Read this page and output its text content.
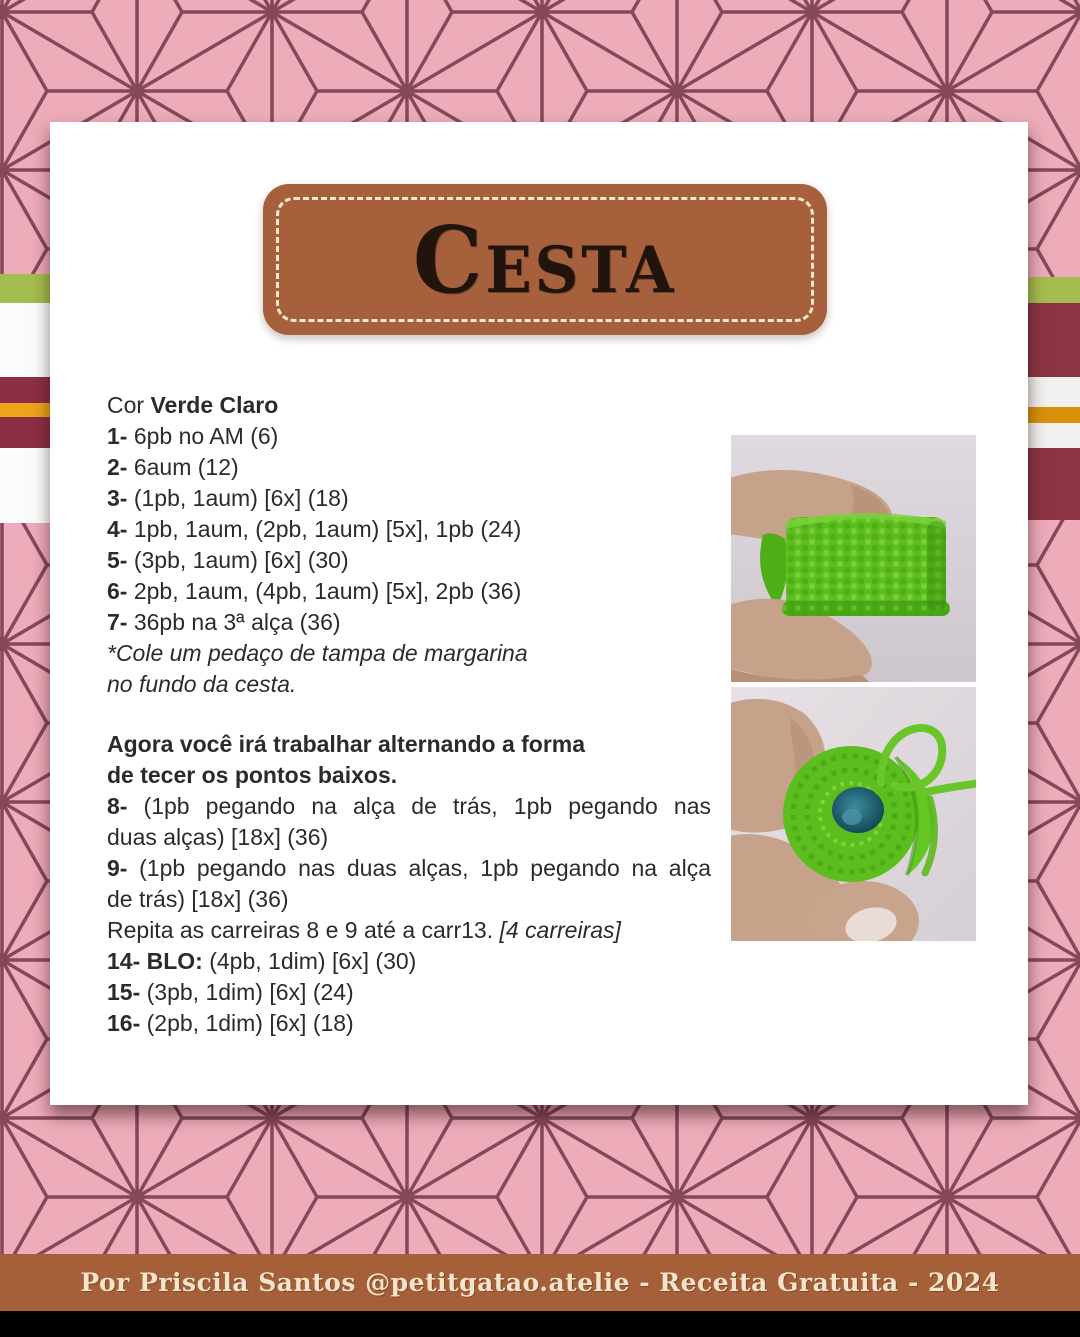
CESTA

Cor Verde Claro

1- 6pb no AM (6)

2- 6aum (12)

3- (1pb, 1aum) [6x] (18)

4- 1pb, 1aum, (2pb, 1aum) [5x], 1pb (24)

5- (3pb, 1aum) [6x] (30)

6- 2pb, 1aum, (4pb, 1aum) [5x], 2pb (36)

7- 36pb na 3ª alça (36)

*Cole um pedaço de tampa de margarina

no fundo da cesta.

Agora você irá trabalhar alternando a forma

de tecer os pontos baixos.

8- (1pb pegando na alça de trás, 1pb pegando nas

duas alças) [18x] (36)

9- (1pb pegando nas duas alças, 1pb pegando na alça

de trás) [18x] (36)

Repita as carreiras 8 e 9 até a carr13. [4 carreiras]

14- BLO: (4pb, 1dim) [6x] (30)

15- (3pb, 1dim) [6x] (24)

16- (2pb, 1dim) [6x] (18)

Por Priscila Santos @petitgatao.atelie - Receita Gratuita - 2024
